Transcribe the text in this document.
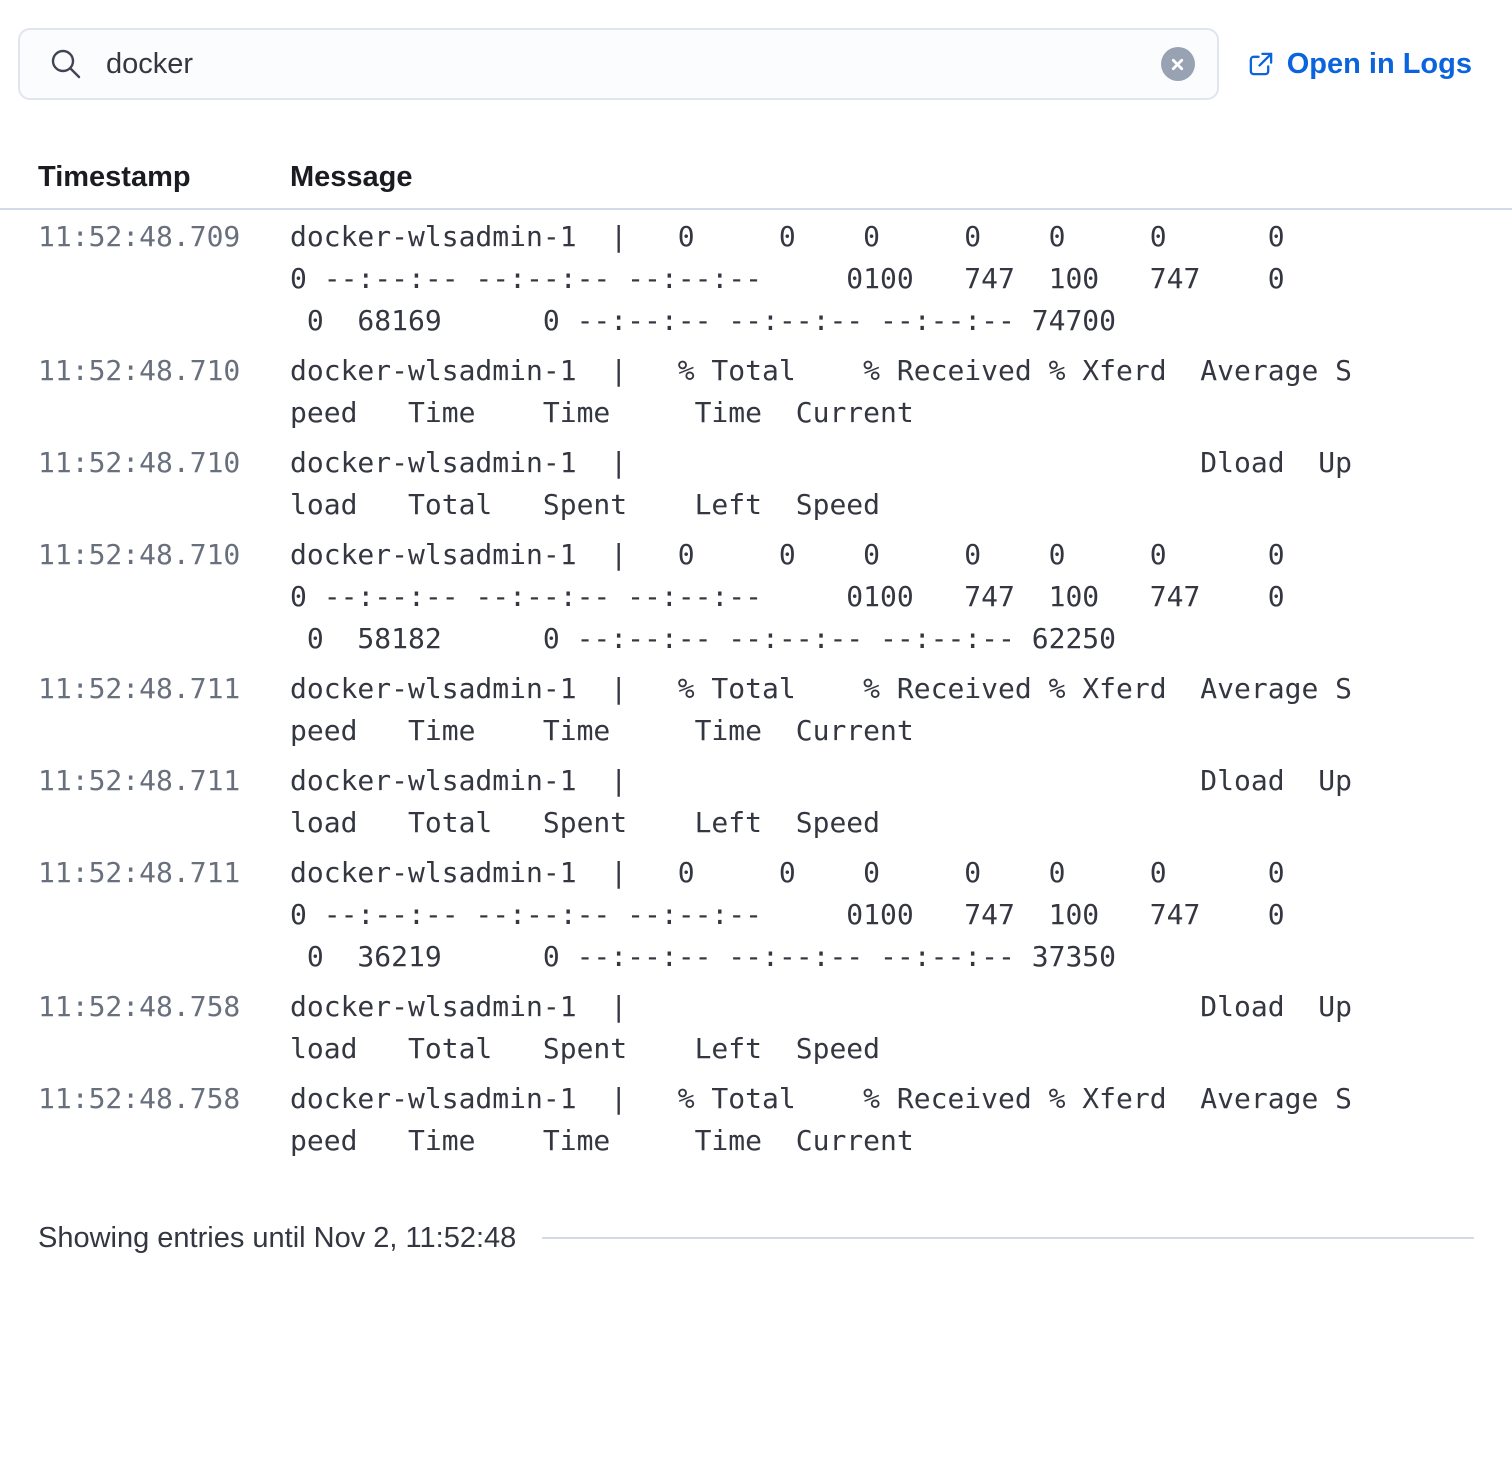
docker
Open in Logs
Timestamp	Message
11:52:48.709	docker-wlsadmin-1  |   0     0    0     0    0     0      0
0 --:--:-- --:--:-- --:--:--     0100   747  100   747    0
0  68169      0 --:--:-- --:--:-- --:--:-- 74700
11:52:48.710	docker-wlsadmin-1  |   % Total    % Received % Xferd  Average S
peed   Time    Time     Time  Current
11:52:48.710	docker-wlsadmin-1  |                                  Dload  Up
load   Total   Spent    Left  Speed
11:52:48.710	docker-wlsadmin-1  |   0     0    0     0    0     0      0
0 --:--:-- --:--:-- --:--:--     0100   747  100   747    0
0  58182      0 --:--:-- --:--:-- --:--:-- 62250
11:52:48.711	docker-wlsadmin-1  |   % Total    % Received % Xferd  Average S
peed   Time    Time     Time  Current
11:52:48.711	docker-wlsadmin-1  |                                  Dload  Up
load   Total   Spent    Left  Speed
11:52:48.711	docker-wlsadmin-1  |   0     0    0     0    0     0      0
0 --:--:-- --:--:-- --:--:--     0100   747  100   747    0
0  36219      0 --:--:-- --:--:-- --:--:-- 37350
11:52:48.758	docker-wlsadmin-1  |                                  Dload  Up
load   Total   Spent    Left  Speed
11:52:48.758	docker-wlsadmin-1  |   % Total    % Received % Xferd  Average S
peed   Time    Time     Time  Current
Showing entries until Nov 2, 11:52:48
